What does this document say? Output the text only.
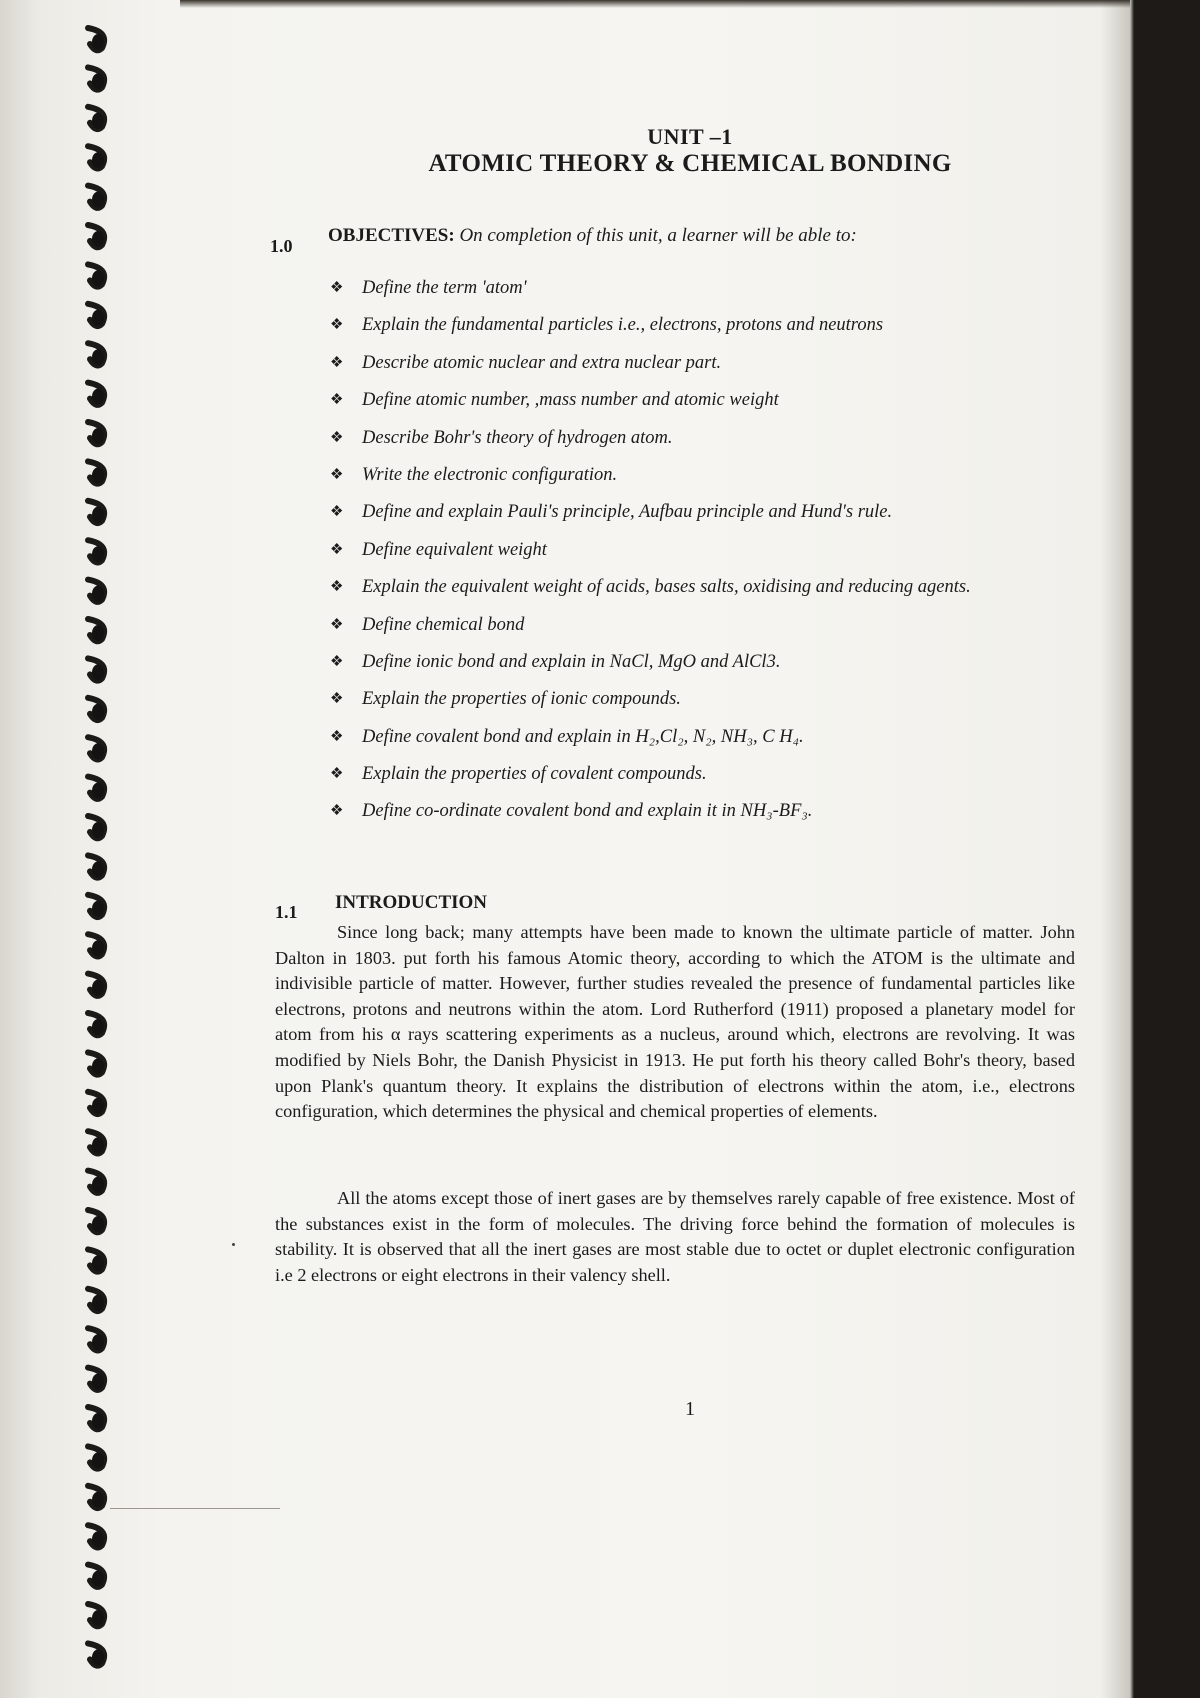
UNIT –1
ATOMIC THEORY & CHEMICAL BONDING
1.0 OBJECTIVES: On completion of this unit, a learner will be able to:
❖ Define the term 'atom'
❖ Explain the fundamental particles i.e., electrons, protons and neutrons
❖ Describe atomic nuclear and extra nuclear part.
❖ Define atomic number, ,mass number and atomic weight
❖ Describe Bohr's theory of hydrogen atom.
❖ Write the electronic configuration.
❖ Define and explain Pauli's principle, Aufbau principle and Hund's rule.
❖ Define equivalent weight
❖ Explain the equivalent weight of acids, bases salts, oxidising and reducing agents.
❖ Define chemical bond
❖ Define ionic bond and explain in NaCl, MgO and AlCl3.
❖ Explain the properties of ionic compounds.
❖ Define covalent bond and explain in H₂,Cl₂, N₂, NH₃, C H₄.
❖ Explain the properties of covalent compounds.
❖ Define co-ordinate covalent bond and explain it in NH₃-BF₃.
1.1 INTRODUCTION

Since long back; many attempts have been made to known the ultimate particle of matter. John Dalton in 1803. put forth his famous Atomic theory, according to which the ATOM is the ultimate and indivisible particle of matter. However, further studies revealed the presence of fundamental particles like electrons, protons and neutrons within the atom. Lord Rutherford (1911) proposed a planetary model for atom from his α rays scattering experiments as a nucleus, around which, electrons are revolving. It was modified by Niels Bohr, the Danish Physicist in 1913. He put forth his theory called Bohr's theory, based upon Plank's quantum theory. It explains the distribution of electrons within the atom, i.e., electrons configuration, which determines the physical and chemical properties of elements.

All the atoms except those of inert gases are by themselves rarely capable of free existence. Most of the substances exist in the form of molecules. The driving force behind the formation of molecules is stability. It is observed that all the inert gases are most stable due to octet or duplet electronic configuration i.e 2 electrons or eight electrons in their valency shell.

1
